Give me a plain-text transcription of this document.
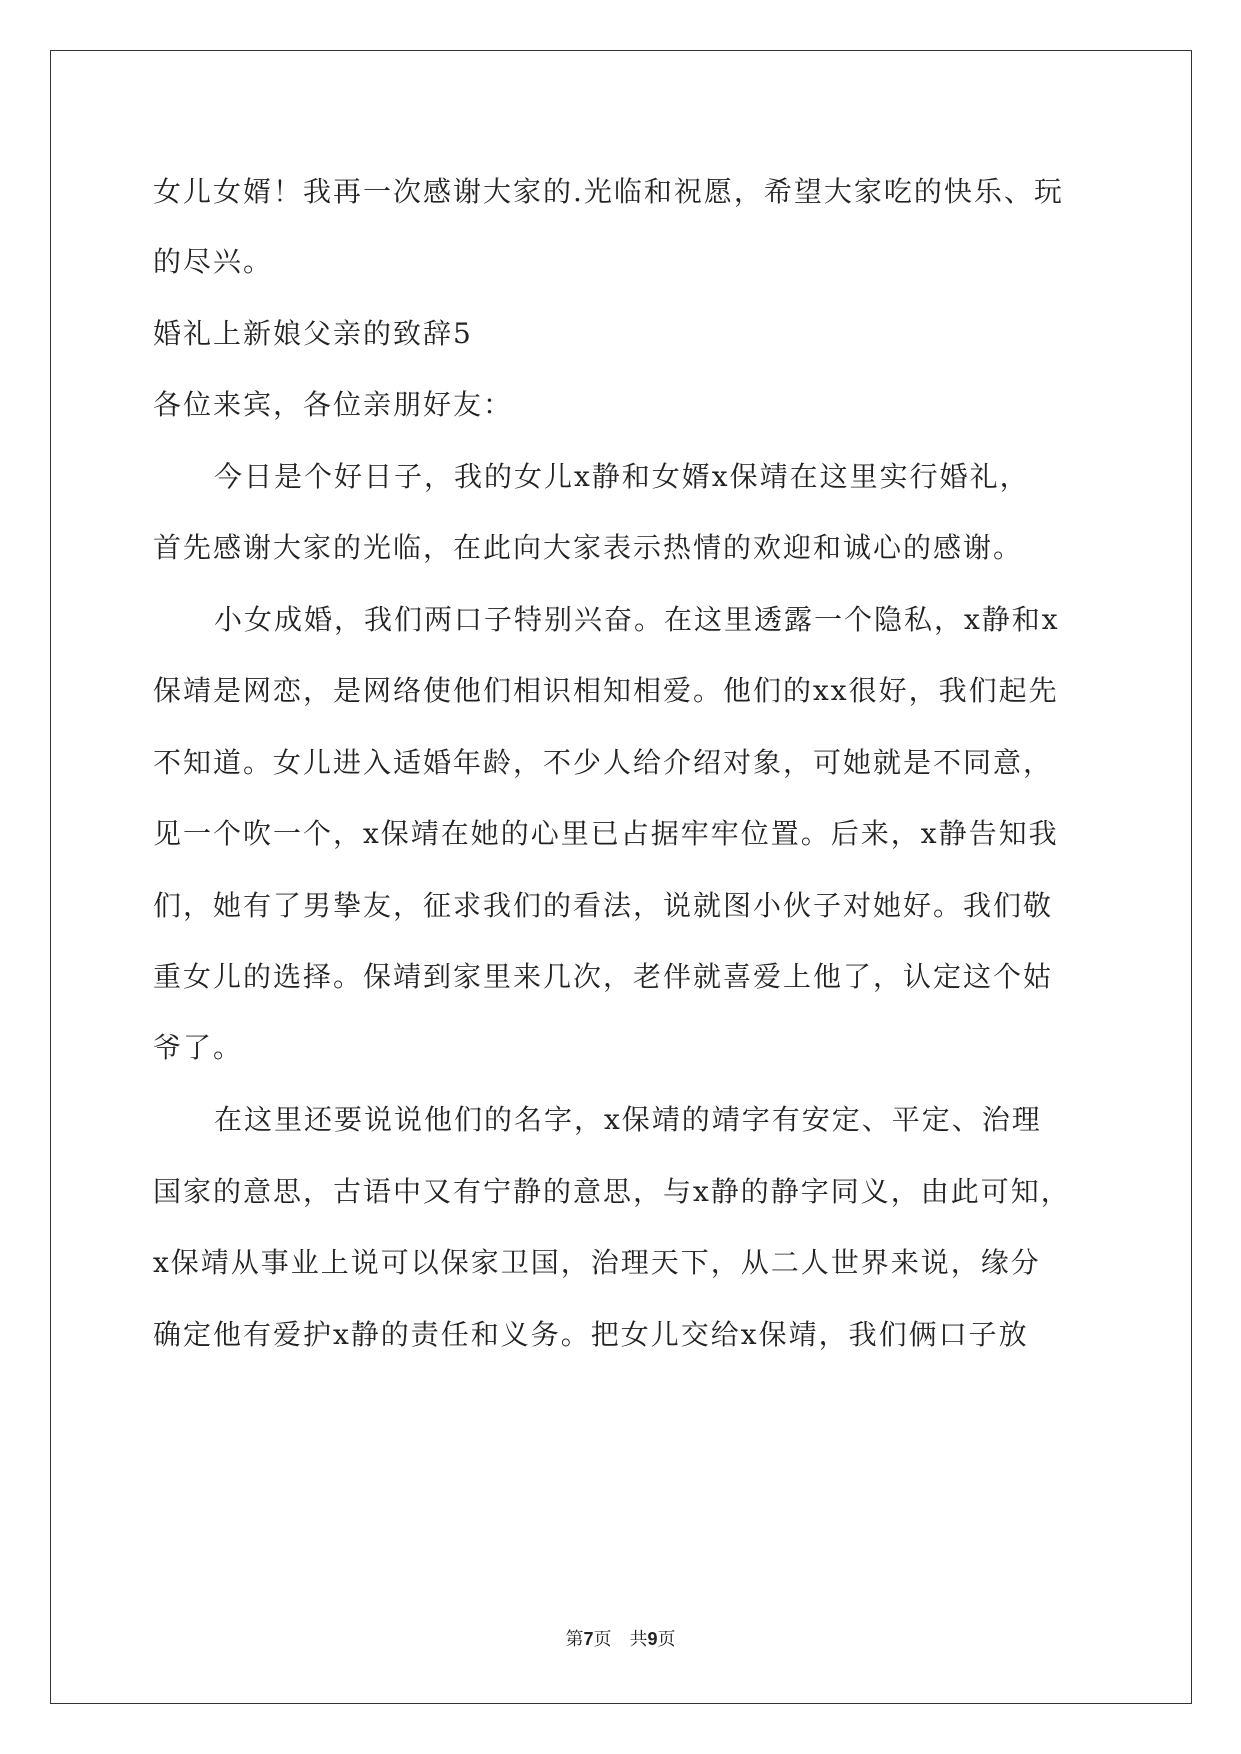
女儿女婿！我再一次感谢大家的.光临和祝愿，希望大家吃的快乐、玩
的尽兴。
婚礼上新娘父亲的致辞5
各位来宾，各位亲朋好友：
今日是个好日子，我的女儿x静和女婿x保靖在这里实行婚礼，
首先感谢大家的光临，在此向大家表示热情的欢迎和诚心的感谢。
小女成婚，我们两口子特别兴奋。在这里透露一个隐私，x静和x
保靖是网恋，是网络使他们相识相知相爱。他们的xx很好，我们起先
不知道。女儿进入适婚年龄，不少人给介绍对象，可她就是不同意，
见一个吹一个，x保靖在她的心里已占据牢牢位置。后来，x静告知我
们，她有了男挚友，征求我们的看法，说就图小伙子对她好。我们敬
重女儿的选择。保靖到家里来几次，老伴就喜爱上他了，认定这个姑
爷了。
在这里还要说说他们的名字，x保靖的靖字有安定、平定、治理
国家的意思，古语中又有宁静的意思，与x静的静字同义，由此可知，
x保靖从事业上说可以保家卫国，治理天下，从二人世界来说，缘分
确定他有爱护x静的责任和义务。把女儿交给x保靖，我们俩口子放
第7页　共9页
